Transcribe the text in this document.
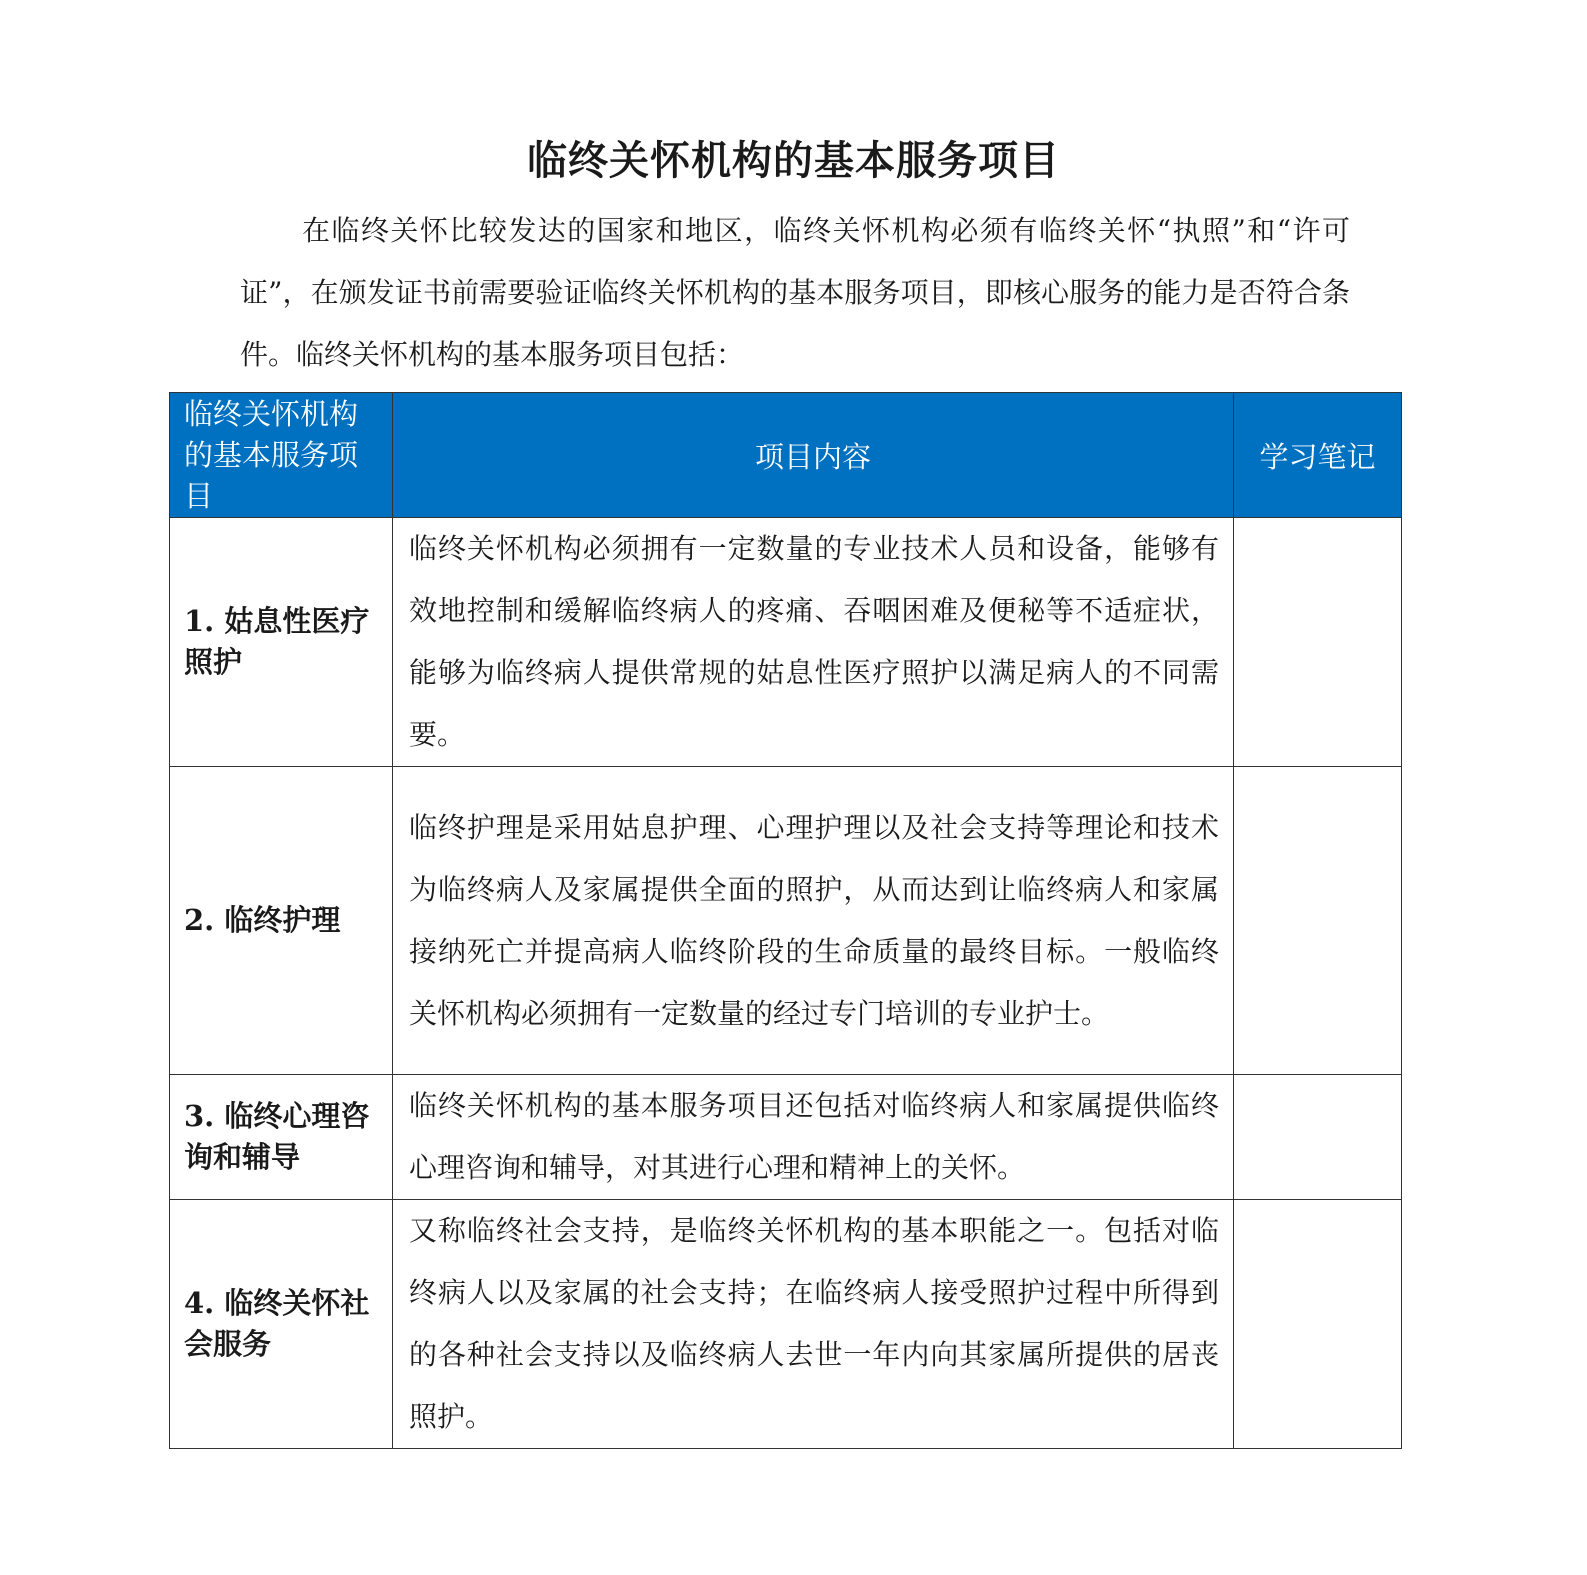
临终关怀机构的基本服务项目

在临终关怀比较发达的国家和地区，临终关怀机构必须有临终关怀“执照”和“许可证”，在颁发证书前需要验证临终关怀机构的基本服务项目，即核心服务的能力是否符合条件。临终关怀机构的基本服务项目包括：

临终关怀机构的基本服务项目	项目内容	学习笔记
1. 姑息性医疗照护	临终关怀机构必须拥有一定数量的专业技术人员和设备，能够有效地控制和缓解临终病人的疼痛、吞咽困难及便秘等不适症状，能够为临终病人提供常规的姑息性医疗照护以满足病人的不同需要。	
2. 临终护理	临终护理是采用姑息护理、心理护理以及社会支持等理论和技术为临终病人及家属提供全面的照护，从而达到让临终病人和家属接纳死亡并提高病人临终阶段的生命质量的最终目标。一般临终关怀机构必须拥有一定数量的经过专门培训的专业护士。	
3. 临终心理咨询和辅导	临终关怀机构的基本服务项目还包括对临终病人和家属提供临终心理咨询和辅导，对其进行心理和精神上的关怀。	
4. 临终关怀社会服务	又称临终社会支持，是临终关怀机构的基本职能之一。包括对临终病人以及家属的社会支持；在临终病人接受照护过程中所得到的各种社会支持以及临终病人去世一年内向其家属所提供的居丧照护。	
